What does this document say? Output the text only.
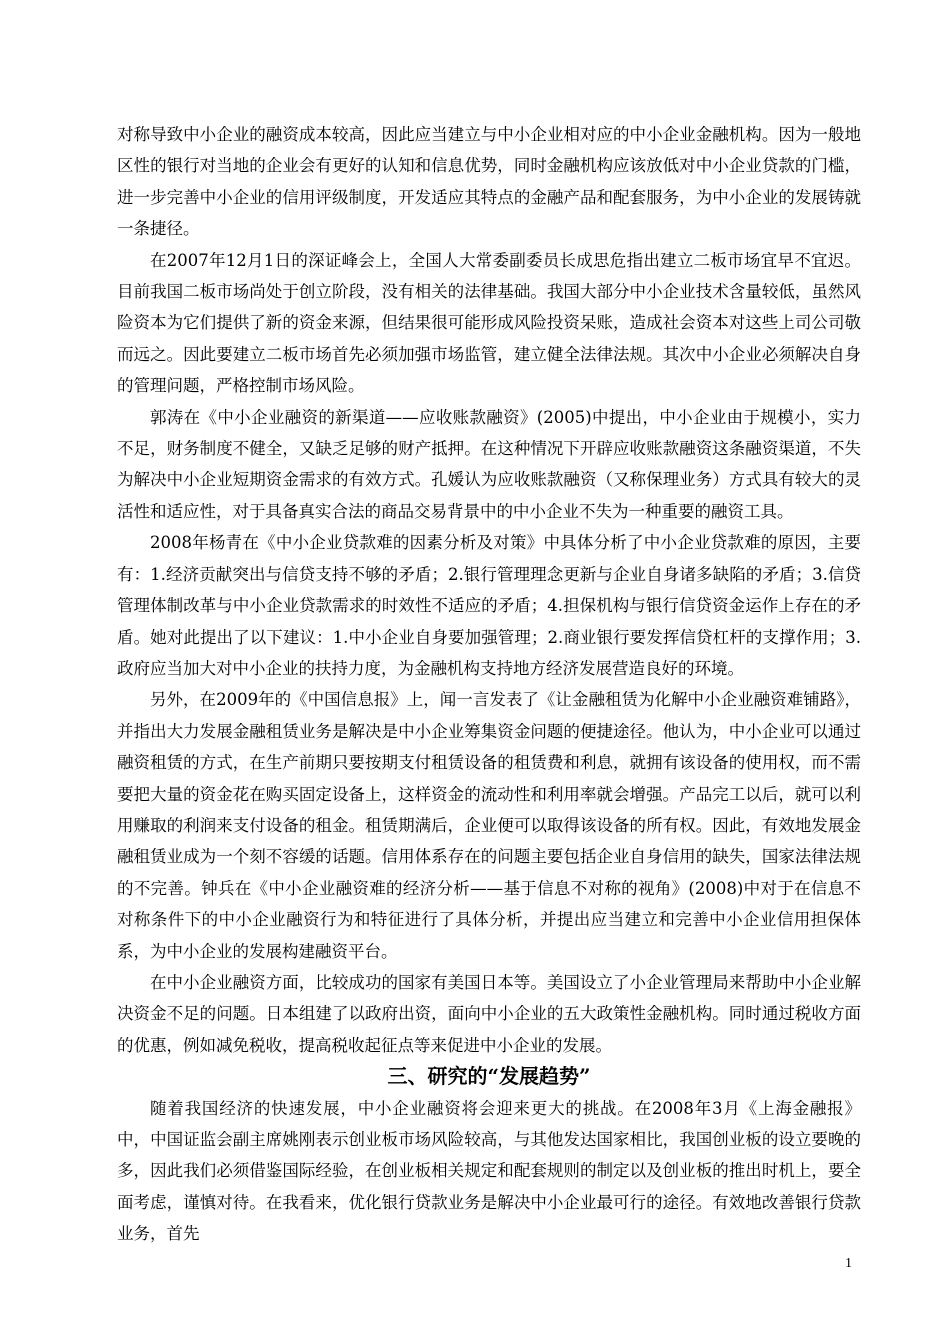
对称导致中小企业的融资成本较高，因此应当建立与中小企业相对应的中小企业金融机构。因为一般地区性的银行对当地的企业会有更好的认知和信息优势，同时金融机构应该放低对中小企业贷款的门槛，进一步完善中小企业的信用评级制度，开发适应其特点的金融产品和配套服务，为中小企业的发展铸就一条捷径。

在2007年12月1日的深证峰会上，全国人大常委副委员长成思危指出建立二板市场宜早不宜迟。目前我国二板市场尚处于创立阶段，没有相关的法律基础。我国大部分中小企业技术含量较低，虽然风险资本为它们提供了新的资金来源，但结果很可能形成风险投资呆账，造成社会资本对这些上司公司敬而远之。因此要建立二板市场首先必须加强市场监管，建立健全法律法规。其次中小企业必须解决自身的管理问题，严格控制市场风险。

郭涛在《中小企业融资的新渠道——应收账款融资》(2005)中提出，中小企业由于规模小，实力不足，财务制度不健全，又缺乏足够的财产抵押。在这种情况下开辟应收账款融资这条融资渠道，不失为解决中小企业短期资金需求的有效方式。孔媛认为应收账款融资（又称保理业务）方式具有较大的灵活性和适应性，对于具备真实合法的商品交易背景中的中小企业不失为一种重要的融资工具。

2008年杨青在《中小企业贷款难的因素分析及对策》中具体分析了中小企业贷款难的原因，主要有：1.经济贡献突出与信贷支持不够的矛盾；2.银行管理理念更新与企业自身诸多缺陷的矛盾；3.信贷管理体制改革与中小企业贷款需求的时效性不适应的矛盾；4.担保机构与银行信贷资金运作上存在的矛盾。她对此提出了以下建议：1.中小企业自身要加强管理；2.商业银行要发挥信贷杠杆的支撑作用；3.政府应当加大对中小企业的扶持力度，为金融机构支持地方经济发展营造良好的环境。

另外，在2009年的《中国信息报》上，闻一言发表了《让金融租赁为化解中小企业融资难铺路》，并指出大力发展金融租赁业务是解决是中小企业筹集资金问题的便捷途径。他认为，中小企业可以通过融资租赁的方式，在生产前期只要按期支付租赁设备的租赁费和利息，就拥有该设备的使用权，而不需要把大量的资金花在购买固定设备上，这样资金的流动性和利用率就会增强。产品完工以后，就可以利用赚取的利润来支付设备的租金。租赁期满后，企业便可以取得该设备的所有权。因此，有效地发展金融租赁业成为一个刻不容缓的话题。信用体系存在的问题主要包括企业自身信用的缺失，国家法律法规的不完善。钟兵在《中小企业融资难的经济分析——基于信息不对称的视角》(2008)中对于在信息不对称条件下的中小企业融资行为和特征进行了具体分析，并提出应当建立和完善中小企业信用担保体系，为中小企业的发展构建融资平台。

在中小企业融资方面，比较成功的国家有美国日本等。美国设立了小企业管理局来帮助中小企业解决资金不足的问题。日本组建了以政府出资，面向中小企业的五大政策性金融机构。同时通过税收方面的优惠，例如减免税收，提高税收起征点等来促进中小企业的发展。

三、研究的“发展趋势”

随着我国经济的快速发展，中小企业融资将会迎来更大的挑战。在2008年3月《上海金融报》中，中国证监会副主席姚刚表示创业板市场风险较高，与其他发达国家相比，我国创业板的设立要晚的多，因此我们必须借鉴国际经验，在创业板相关规定和配套规则的制定以及创业板的推出时机上，要全面考虑，谨慎对待。在我看来，优化银行贷款业务是解决中小企业最可行的途径。有效地改善银行贷款业务，首先

1
